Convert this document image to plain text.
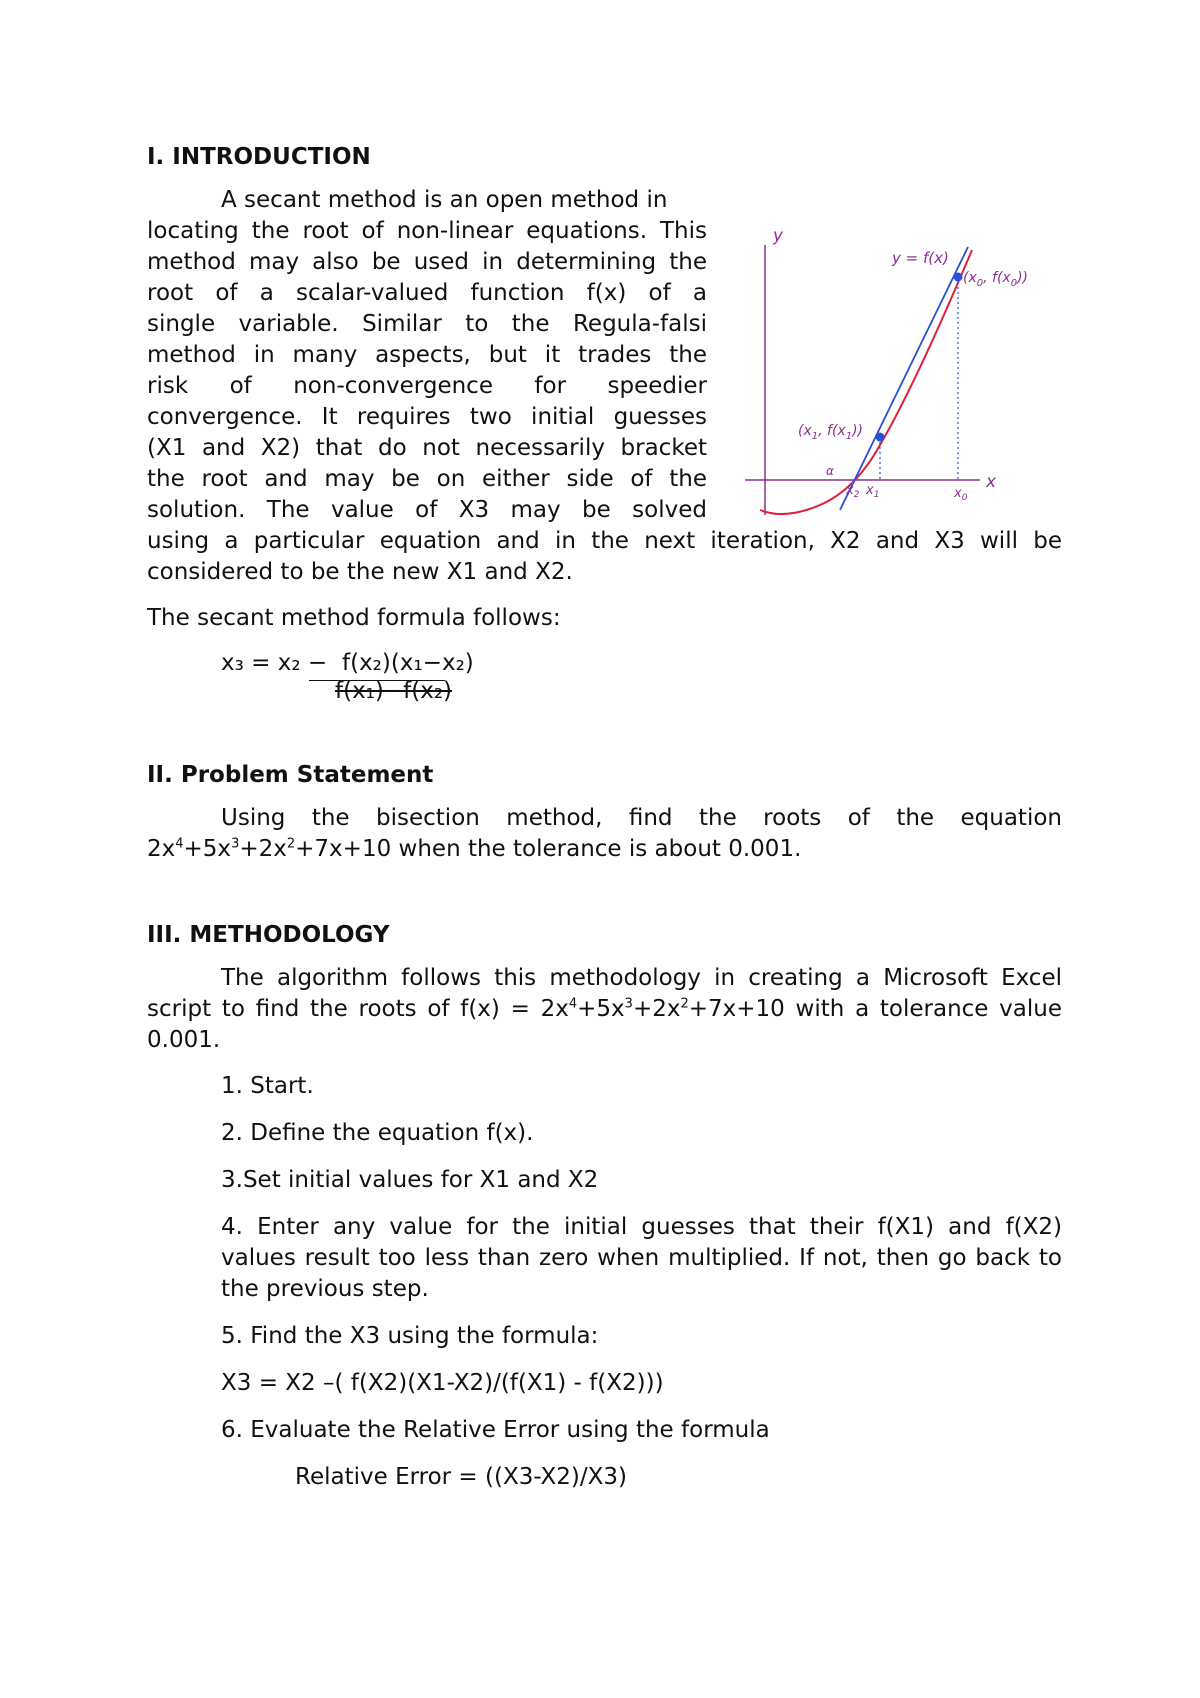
I. INTRODUCTION

A secant method is an open method in

locating the root of non-linear equations. This

method may also be used in determining the

root of a scalar-valued function f(x) of a

single variable. Similar to the Regula-falsi

method in many aspects, but it trades the

risk of non-convergence for speedier

convergence. It requires two initial guesses

(X1 and X2) that do not necessarily bracket

the root and may be on either side of the

solution. The value of X3 may be solved

using a particular equation and in the next iteration, X2 and X3 will be considered to be the new X1 and X2.

The secant method formula follows:

x₃ = x₂ − f(x₂)(x₁−x₂)
f(x₁)−f(x₂)
II. Problem Statement

Using the bisection method, find the roots of the equation

$2x^4+5x^3+2x^2+7x+10$ when the tolerance is about 0.001.

III. METHODOLOGY

The algorithm follows this methodology in creating a Microsoft Excel script to find the roots of $f(x) = 2x^4+5x^3+2x^2+7x+10$ with a tolerance value 0.001.

1. Start.

2. Define the equation f(x).

3.Set initial values for X1 and X2

4. Enter any value for the initial guesses that their f(X1) and f(X2) values result too less than zero when multiplied. If not, then go back to the previous step.

5. Find the X3 using the formula:

X3 = X2 –( f(X2)(X1-X2)/(f(X1) - f(X2)))

6. Evaluate the Relative Error using the formula

Relative Error = ((X3-X2)/X3)

y
x
y = f(x)
($x_0$, $f(x_0)$)
($x_1$, $f(x_1)$)
α
$x_2$ $x_1$	$x_0$
